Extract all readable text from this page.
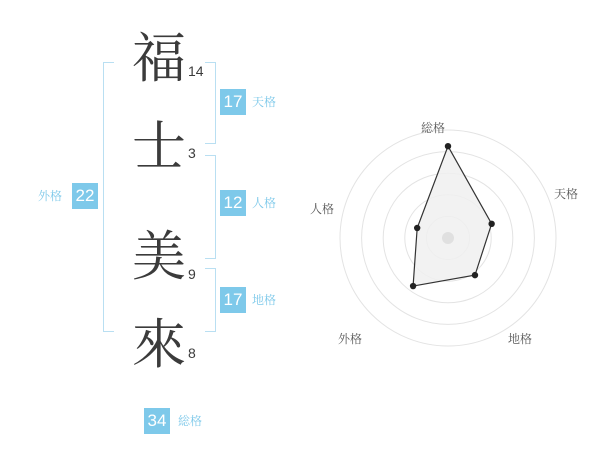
22
外格
福 14
士 3
美 9
來 8
17 天格
12 人格
17 地格
34 総格
総格
天格
地格
外格
人格
